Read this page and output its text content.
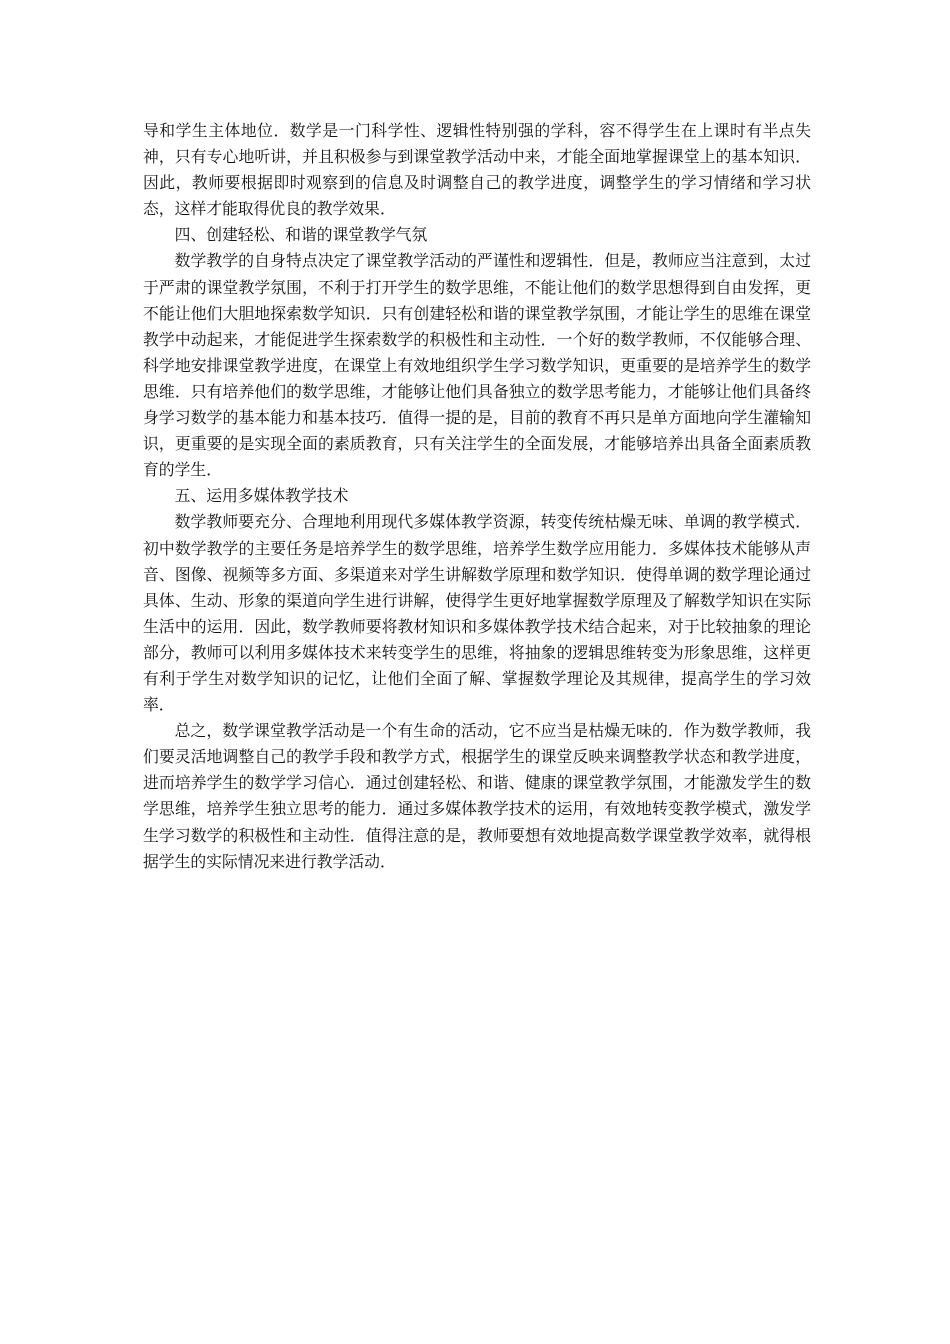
导和学生主体地位．数学是一门科学性、逻辑性特别强的学科，容不得学生在上课时有半点失神，只有专心地听讲，并且积极参与到课堂教学活动中来，才能全面地掌握课堂上的基本知识．因此，教师要根据即时观察到的信息及时调整自己的教学进度，调整学生的学习情绪和学习状态，这样才能取得优良的教学效果．

四、创建轻松、和谐的课堂教学气氛

数学教学的自身特点决定了课堂教学活动的严谨性和逻辑性．但是，教师应当注意到，太过于严肃的课堂教学氛围，不利于打开学生的数学思维，不能让他们的数学思想得到自由发挥，更不能让他们大胆地探索数学知识．只有创建轻松和谐的课堂教学氛围，才能让学生的思维在课堂教学中动起来，才能促进学生探索数学的积极性和主动性．一个好的数学教师，不仅能够合理、科学地安排课堂教学进度，在课堂上有效地组织学生学习数学知识，更重要的是培养学生的数学思维．只有培养他们的数学思维，才能够让他们具备独立的数学思考能力，才能够让他们具备终身学习数学的基本能力和基本技巧．值得一提的是，目前的教育不再只是单方面地向学生灌输知识，更重要的是实现全面的素质教育，只有关注学生的全面发展，才能够培养出具备全面素质教育的学生．

五、运用多媒体教学技术

数学教师要充分、合理地利用现代多媒体教学资源，转变传统枯燥无味、单调的教学模式．初中数学教学的主要任务是培养学生的数学思维，培养学生数学应用能力．多媒体技术能够从声音、图像、视频等多方面、多渠道来对学生讲解数学原理和数学知识．使得单调的数学理论通过具体、生动、形象的渠道向学生进行讲解，使得学生更好地掌握数学原理及了解数学知识在实际生活中的运用．因此，数学教师要将教材知识和多媒体教学技术结合起来，对于比较抽象的理论部分，教师可以利用多媒体技术来转变学生的思维，将抽象的逻辑思维转变为形象思维，这样更有利于学生对数学知识的记忆，让他们全面了解、掌握数学理论及其规律，提高学生的学习效率．

总之，数学课堂教学活动是一个有生命的活动，它不应当是枯燥无味的．作为数学教师，我们要灵活地调整自己的教学手段和教学方式，根据学生的课堂反映来调整教学状态和教学进度，进而培养学生的数学学习信心．通过创建轻松、和谐、健康的课堂教学氛围，才能激发学生的数学思维，培养学生独立思考的能力．通过多媒体教学技术的运用，有效地转变教学模式，激发学生学习数学的积极性和主动性．值得注意的是，教师要想有效地提高数学课堂教学效率，就得根据学生的实际情况来进行教学活动．
